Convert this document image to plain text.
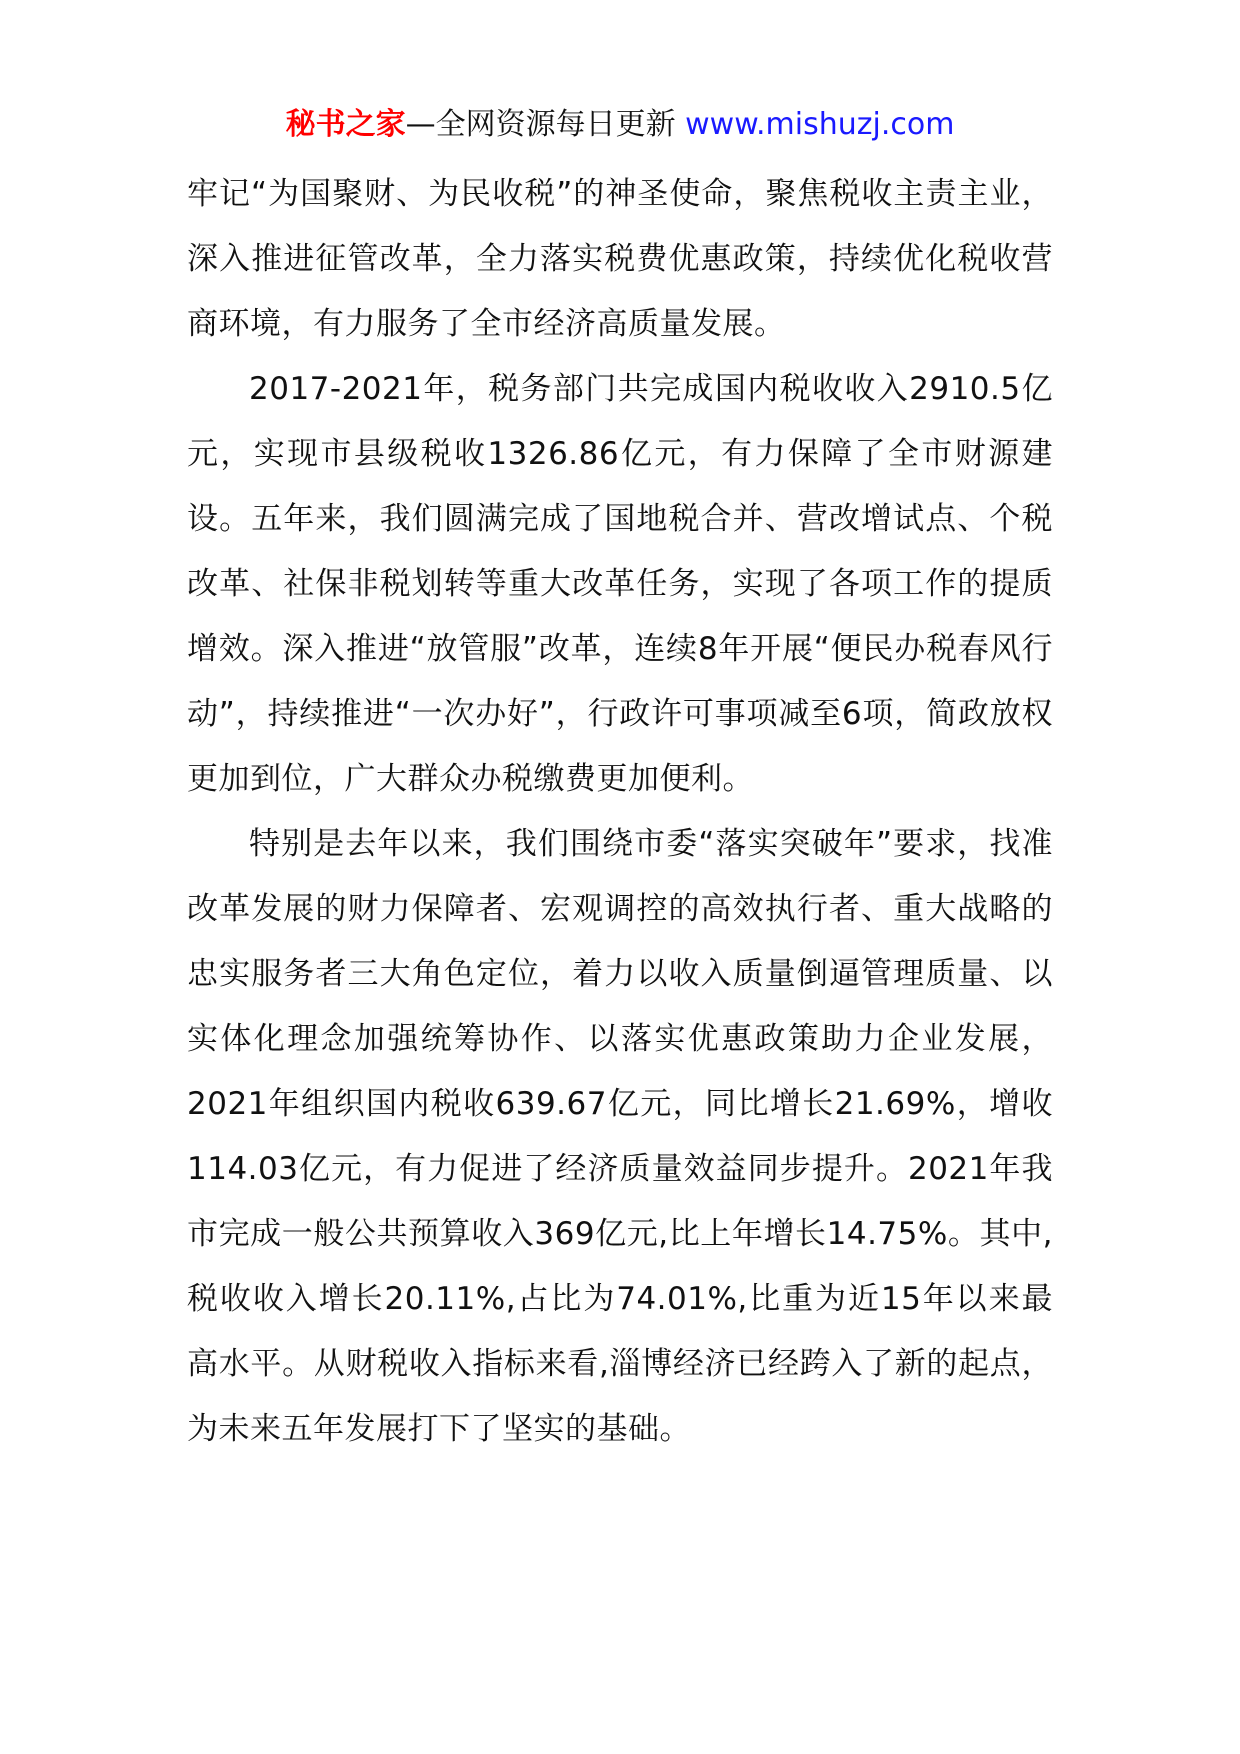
秘书之家—全网资源每日更新 www.mishuzj.com

牢记“为国聚财、为民收税”的神圣使命，聚焦税收主责主业，深入推进征管改革，全力落实税费优惠政策，持续优化税收营商环境，有力服务了全市经济高质量发展。

2017-2021年，税务部门共完成国内税收收入2910.5亿元，实现市县级税收1326.86亿元，有力保障了全市财源建设。五年来，我们圆满完成了国地税合并、营改增试点、个税改革、社保非税划转等重大改革任务，实现了各项工作的提质增效。深入推进“放管服”改革，连续8年开展“便民办税春风行动”，持续推进“一次办好”，行政许可事项减至6项，简政放权更加到位，广大群众办税缴费更加便利。

特别是去年以来，我们围绕市委“落实突破年”要求，找准改革发展的财力保障者、宏观调控的高效执行者、重大战略的忠实服务者三大角色定位，着力以收入质量倒逼管理质量、以实体化理念加强统筹协作、以落实优惠政策助力企业发展，2021年组织国内税收639.67亿元，同比增长21.69%，增收114.03亿元，有力促进了经济质量效益同步提升。2021年我市完成一般公共预算收入369亿元,比上年增长14.75%。其中,税收收入增长20.11%,占比为74.01%,比重为近15年以来最高水平。从财税收入指标来看,淄博经济已经跨入了新的起点，为未来五年发展打下了坚实的基础。
